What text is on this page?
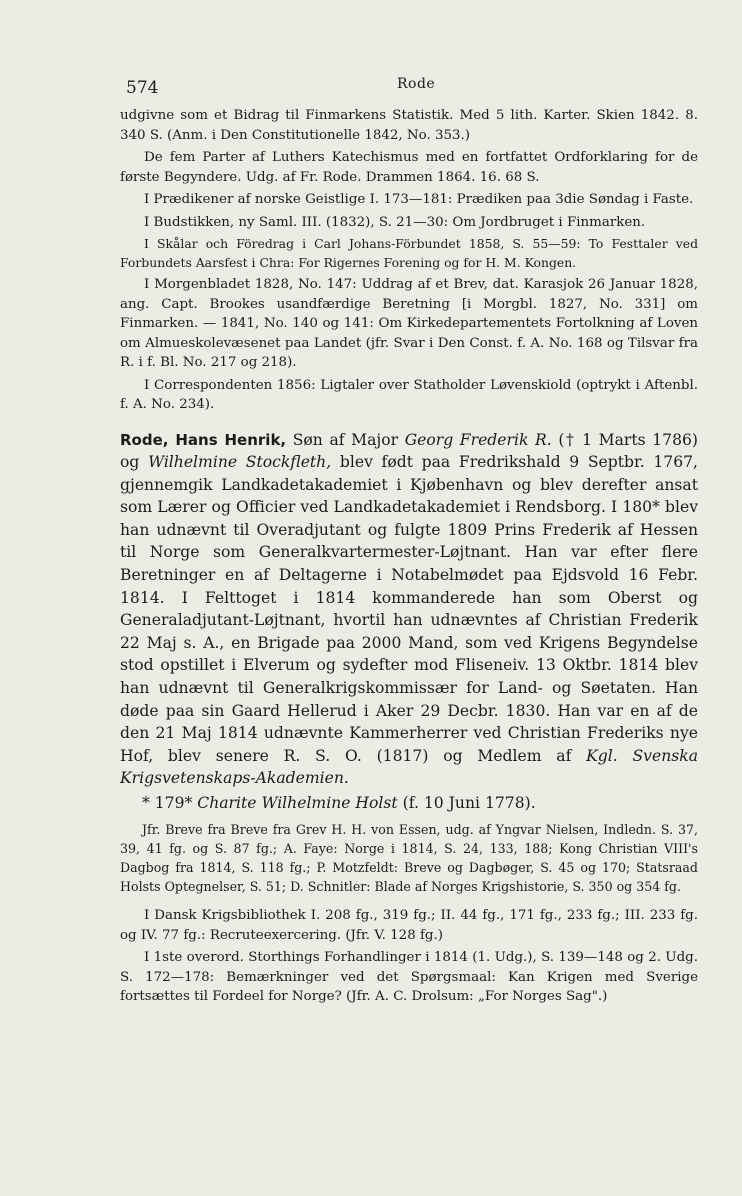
574	Rode

udgivne som et Bidrag til Finmarkens Statistik. Med 5 lith. Karter. Skien 1842. 8. 340 S. (Anm. i Den Constitutionelle 1842, No. 353.)

De fem Parter af Luthers Katechismus med en fortfattet Ordforklaring for de første Begyndere. Udg. af Fr. Rode. Drammen 1864. 16. 68 S.

I Prædikener af norske Geistlige I. 173—181: Prædiken paa 3die Søndag i Faste.

I Budstikken, ny Saml. III. (1832), S. 21—30: Om Jordbruget i Finmarken.

I Skålar och Föredrag i Carl Johans-Förbundet 1858, S. 55—59: To Festtaler ved Forbundets Aarsfest i Chra: For Rigernes Forening og for H. M. Kongen.

I Morgenbladet 1828, No. 147: Uddrag af et Brev, dat. Karasjok 26 Januar 1828, ang. Capt. Brookes usandfærdige Beretning [i Morgbl. 1827, No. 331] om Finmarken. — 1841, No. 140 og 141: Om Kirkedepartementets Fortolkning af Loven om Almueskolevæsenet paa Landet (jfr. Svar i Den Const. f. A. No. 168 og Tilsvar fra R. i f. Bl. No. 217 og 218).

I Correspondenten 1856: Ligtaler over Statholder Løvenskiold (optrykt i Aftenbl. f. A. No. 234).

Rode, Hans Henrik, Søn af Major Georg Frederik R. († 1 Marts 1786) og Wilhelmine Stockfleth, blev født paa Fredrikshald 9 Septbr. 1767, gjennemgik Landkadetakademiet i Kjøbenhavn og blev derefter ansat som Lærer og Officier ved Landkadetakademiet i Rendsborg. I 180* blev han udnævnt til Overadjutant og fulgte 1809 Prins Frederik af Hessen til Norge som Generalkvartermester-Løjtnant. Han var efter flere Beretninger en af Deltagerne i Notabelmødet paa Ejdsvold 16 Febr. 1814. I Felttoget i 1814 kommanderede han som Oberst og Generaladjutant-Løjtnant, hvortil han udnævntes af Christian Frederik 22 Maj s. A., en Brigade paa 2000 Mand, som ved Krigens Begyndelse stod opstillet i Elverum og sydefter mod Fliseneiv. 13 Oktbr. 1814 blev han udnævnt til Generalkrigskommissær for Land- og Søetaten. Han døde paa sin Gaard Hellerud i Aker 29 Decbr. 1830. Han var en af de den 21 Maj 1814 udnævnte Kammerherrer ved Christian Frederiks nye Hof, blev senere R. S. O. (1817) og Medlem af Kgl. Svenska Krigsvetenskaps-Akademien.

* 179* Charite Wilhelmine Holst (f. 10 Juni 1778).

Jfr. Breve fra Breve fra Grev H. H. von Essen, udg. af Yngvar Nielsen, Indledn. S. 37, 39, 41 fg. og S. 87 fg.; A. Faye: Norge i 1814, S. 24, 133, 188; Kong Christian VIII's Dagbog fra 1814, S. 118 fg.; P. Motzfeldt: Breve og Dagbøger, S. 45 og 170; Statsraad Holsts Optegnelser, S. 51; D. Schnitler: Blade af Norges Krigshistorie, S. 350 og 354 fg.

I Dansk Krigsbibliothek I. 208 fg., 319 fg.; II. 44 fg., 171 fg., 233 fg.; III. 233 fg. og IV. 77 fg.: Recruteexercering. (Jfr. V. 128 fg.)

I 1ste overord. Storthings Forhandlinger i 1814 (1. Udg.), S. 139—148 og 2. Udg. S. 172—178: Bemærkninger ved det Spørgsmaal: Kan Krigen med Sverige fortsættes til Fordeel for Norge? (Jfr. A. C. Drolsum: „For Norges Sag".)
